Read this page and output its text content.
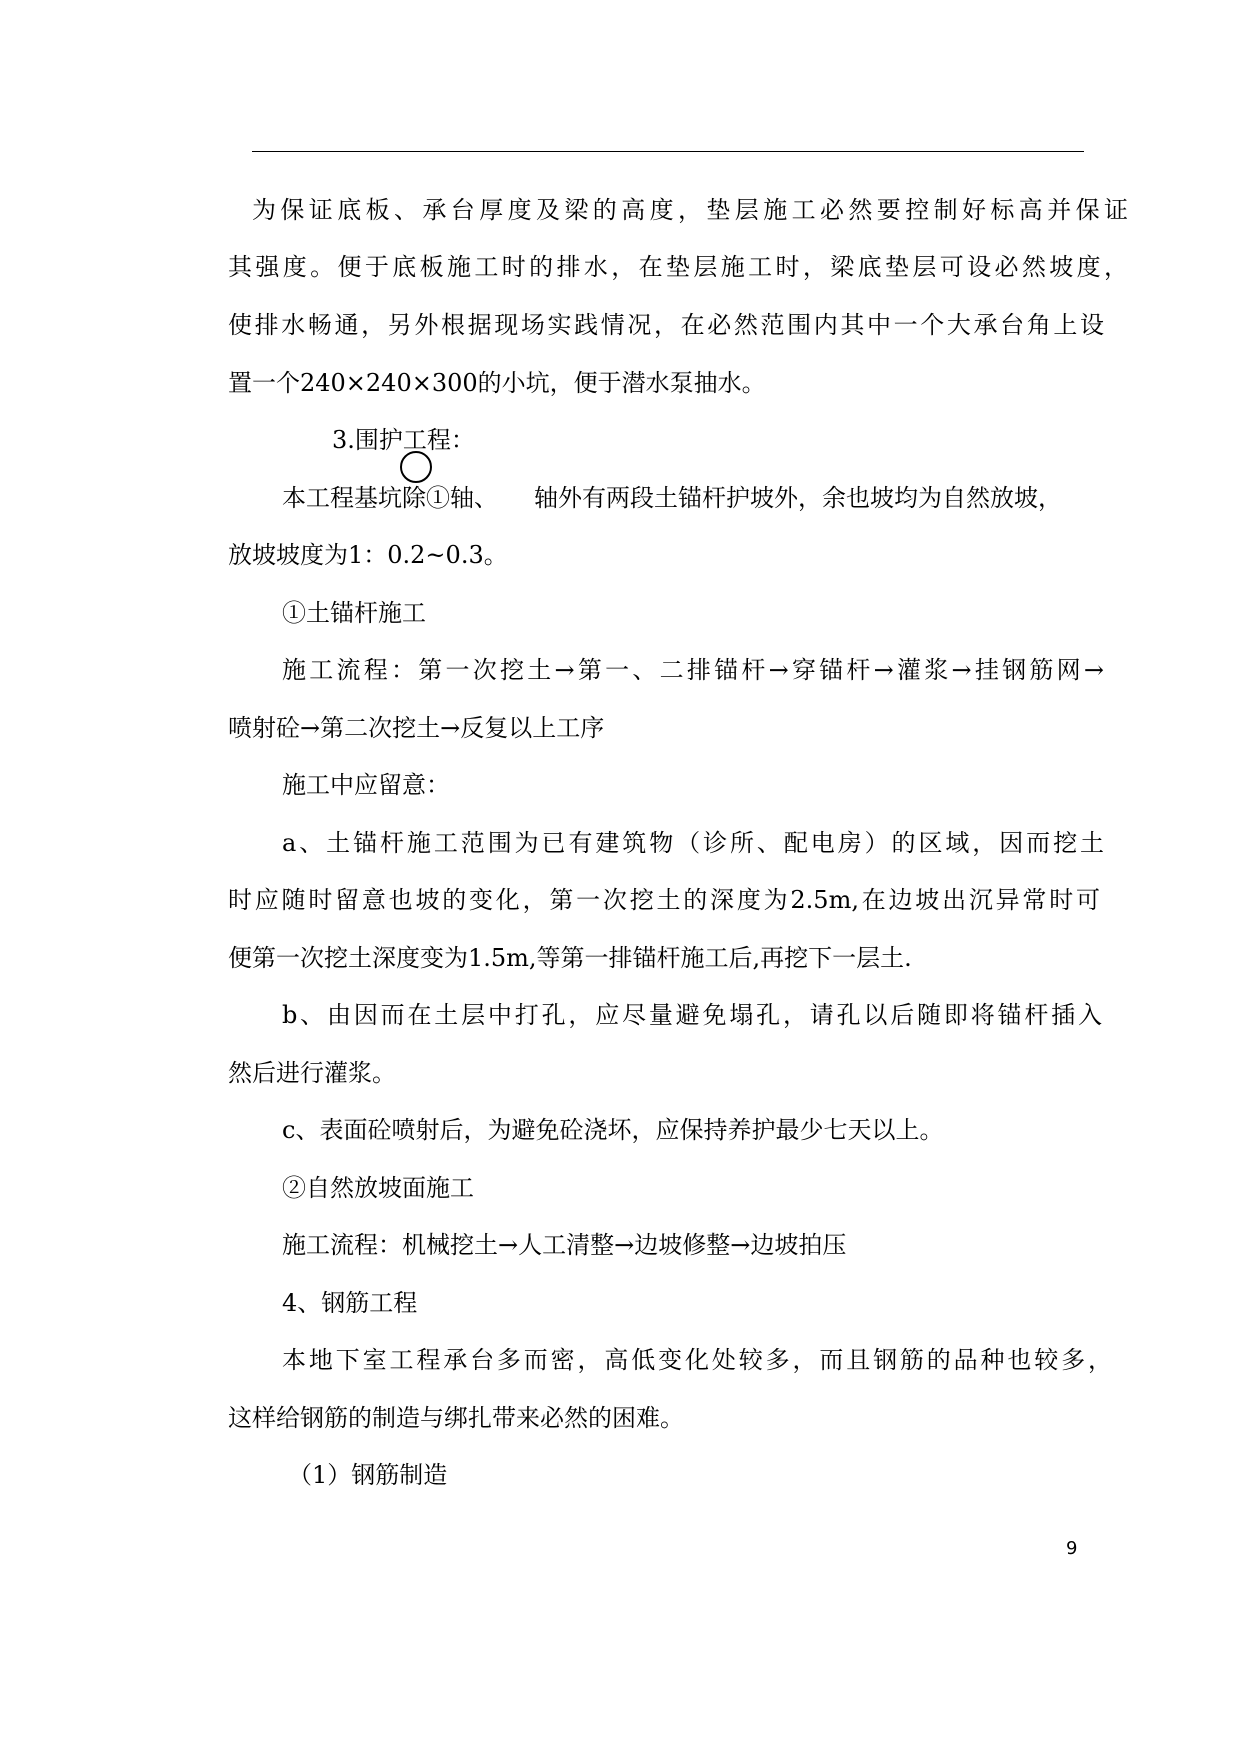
为保证底板、承台厚度及梁的高度，垫层施工必然要控制好标高并保证
其强度。便于底板施工时的排水，在垫层施工时，梁底垫层可设必然坡度，
使排水畅通，另外根据现场实践情况，在必然范围内其中一个大承台角上设
置一个240×240×300的小坑，便于潜水泵抽水。
3.围护工程：
本工程基坑除①轴、 轴外有两段土锚杆护坡外，余也坡均为自然放坡，
放坡坡度为1：0.2~0.3。
①土锚杆施工
施工流程：第一次挖土→第一、二排锚杆→穿锚杆→灌浆→挂钢筋网→
喷射砼→第二次挖土→反复以上工序
施工中应留意：
a、土锚杆施工范围为已有建筑物（诊所、配电房）的区域，因而挖土
时应随时留意也坡的变化，第一次挖土的深度为2.5m,在边坡出沉异常时可
便第一次挖土深度变为1.5m,等第一排锚杆施工后,再挖下一层土.
b、由因而在土层中打孔，应尽量避免塌孔，请孔以后随即将锚杆插入
然后进行灌浆。
c、表面砼喷射后，为避免砼浇坏，应保持养护最少七天以上。
②自然放坡面施工
施工流程：机械挖土→人工清整→边坡修整→边坡拍压
4、钢筋工程
本地下室工程承台多而密，高低变化处较多，而且钢筋的品种也较多，
这样给钢筋的制造与绑扎带来必然的困难。
（1）钢筋制造
9
